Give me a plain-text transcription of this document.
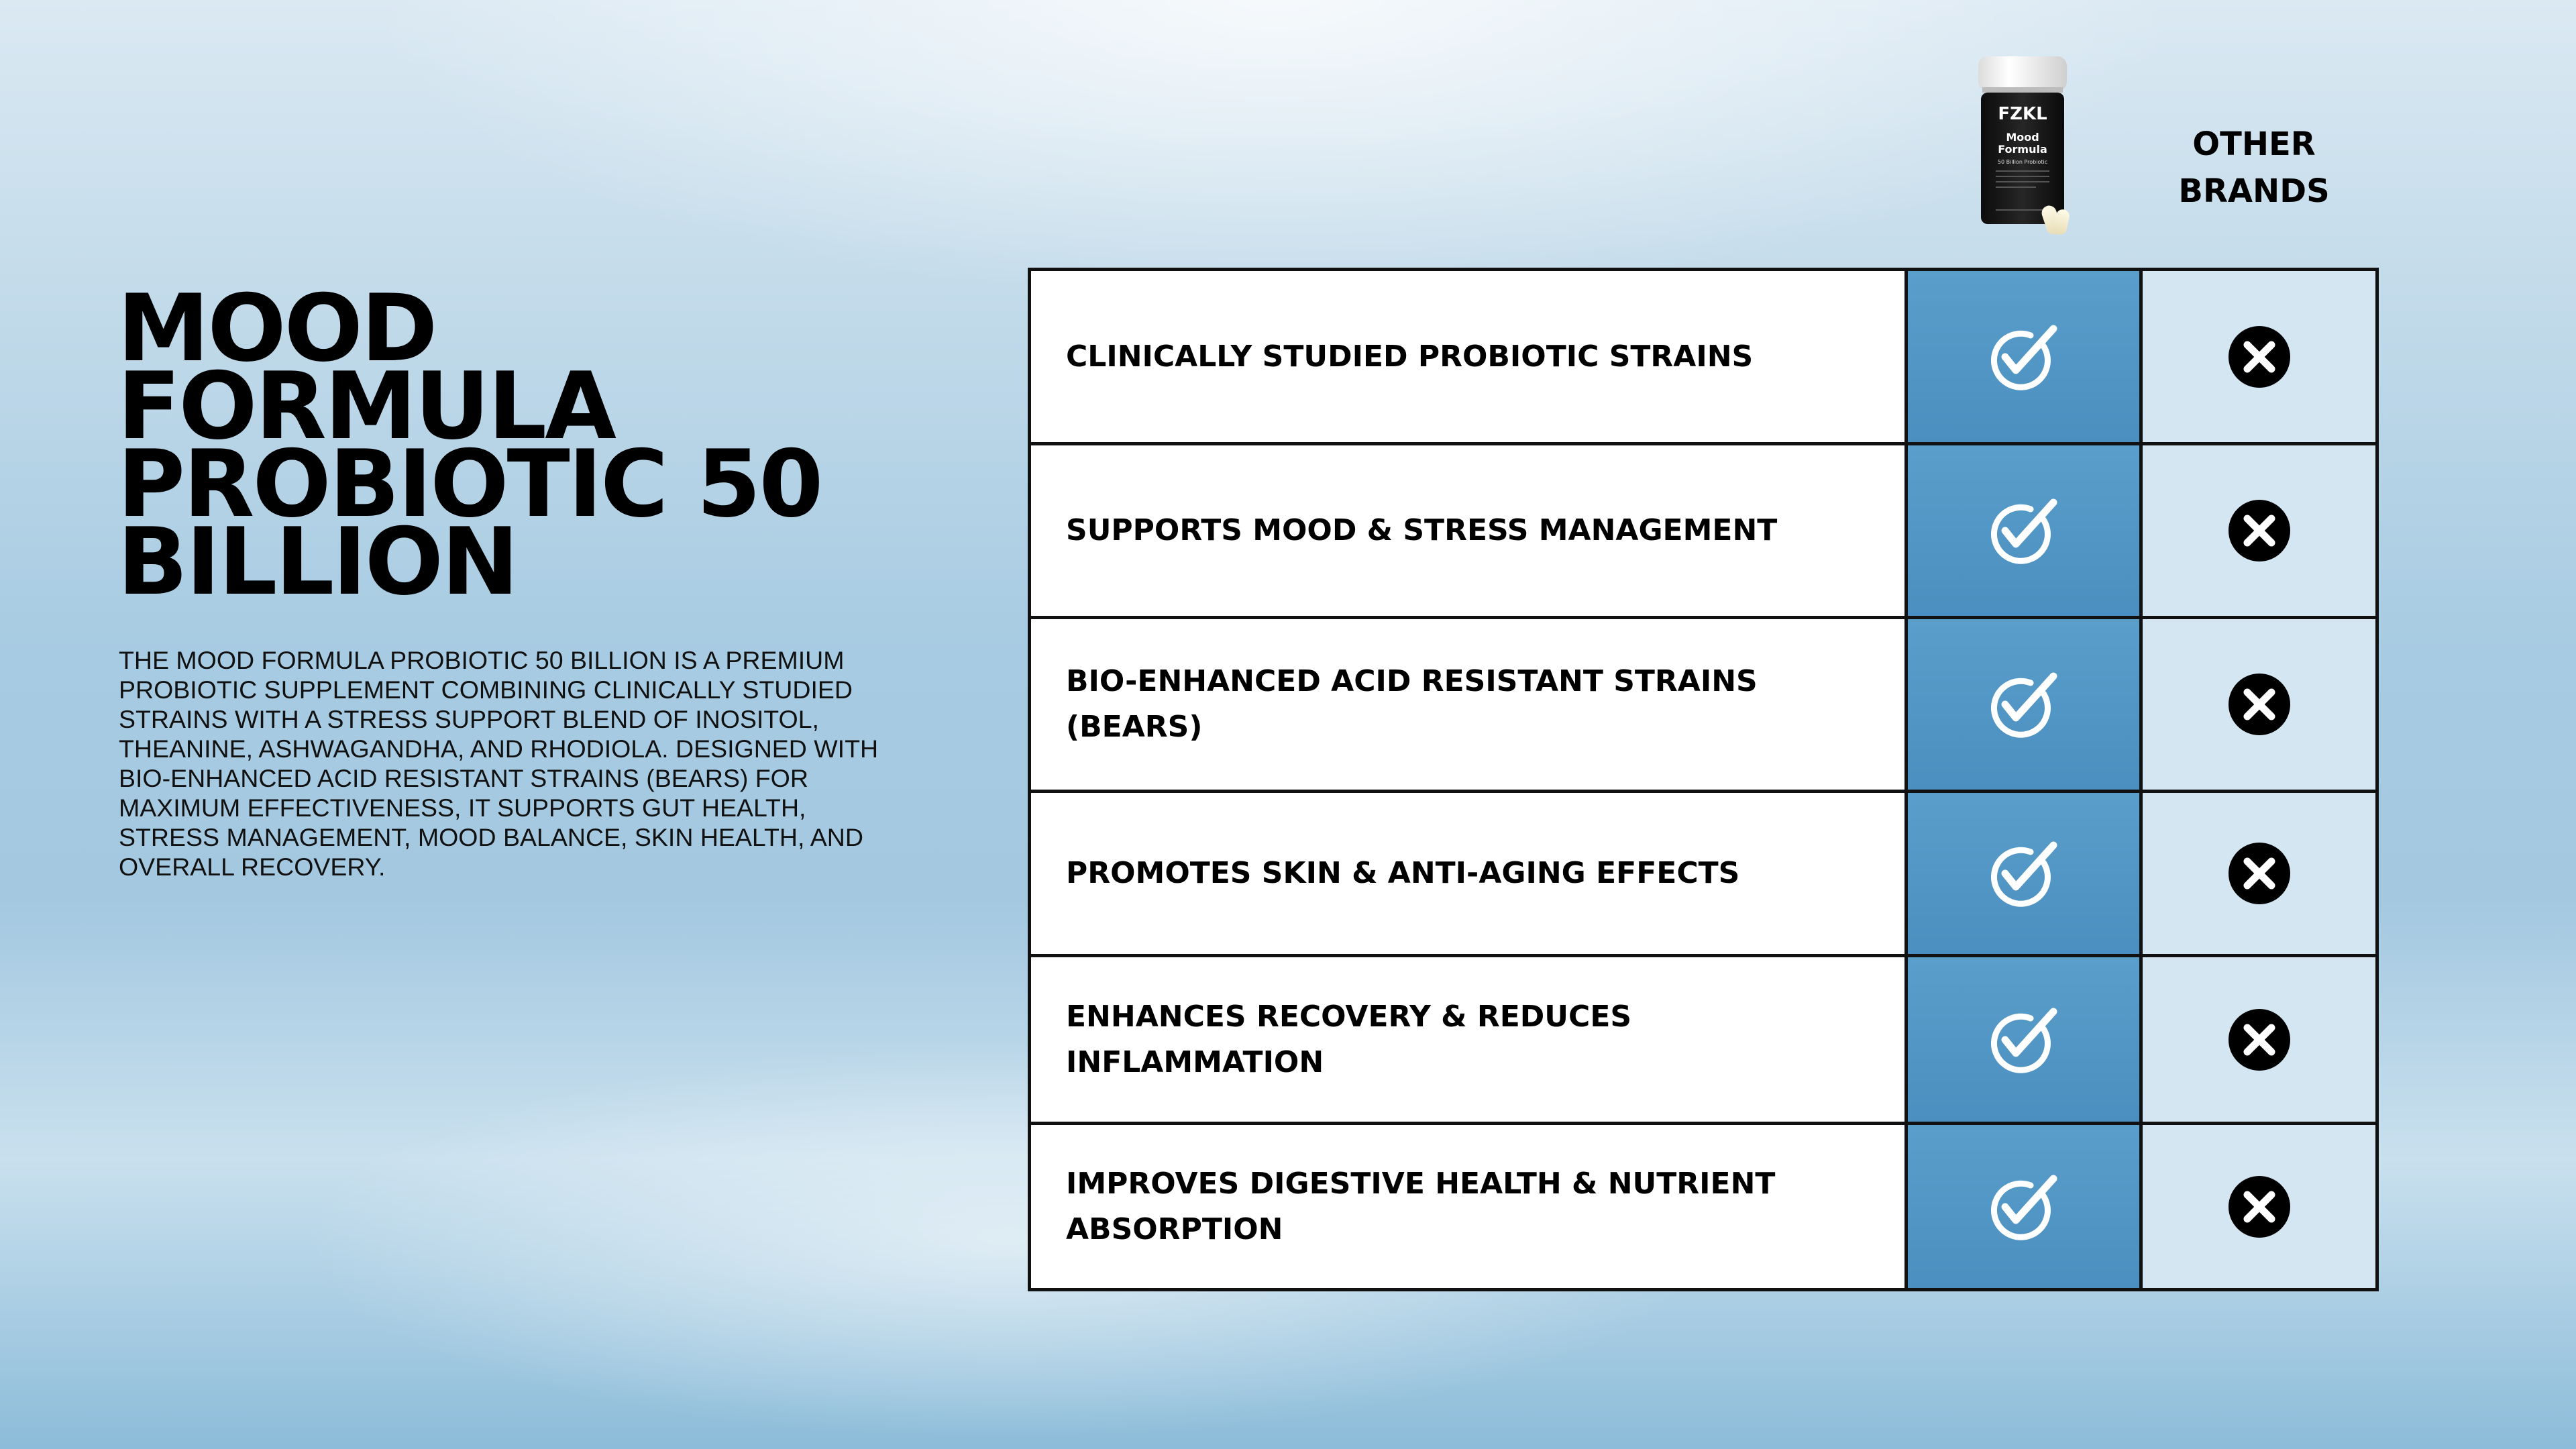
MOOD
FORMULA
PROBIOTIC 50
BILLION

THE MOOD FORMULA PROBIOTIC 50 BILLION IS A PREMIUM PROBIOTIC SUPPLEMENT COMBINING CLINICALLY STUDIED STRAINS WITH A STRESS SUPPORT BLEND OF INOSITOL, THEANINE, ASHWAGANDHA, AND RHODIOLA. DESIGNED WITH BIO-ENHANCED ACID RESISTANT STRAINS (BEARS) FOR MAXIMUM EFFECTIVENESS, IT SUPPORTS GUT HEALTH, STRESS MANAGEMENT, MOOD BALANCE, SKIN HEALTH, AND OVERALL RECOVERY.

FZKL
Mood
Formula
50 Billion Probiotic	OTHER
BRANDS
CLINICALLY STUDIED PROBIOTIC STRAINS
SUPPORTS MOOD & STRESS MANAGEMENT
BIO-ENHANCED ACID RESISTANT STRAINS
(BEARS)
PROMOTES SKIN & ANTI-AGING EFFECTS
ENHANCES RECOVERY & REDUCES
INFLAMMATION
IMPROVES DIGESTIVE HEALTH & NUTRIENT
ABSORPTION
